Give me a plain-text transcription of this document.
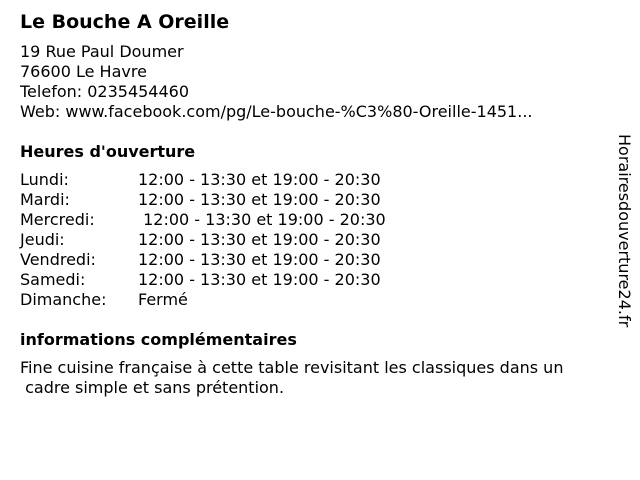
Le Bouche A Oreille
19 Rue Paul Doumer
76600 Le Havre
Telefon: 0235454460
Web: www.facebook.com/pg/Le-bouche-%C3%80-Oreille-1451...
Heures d'ouverture
Lundi:	12:00 - 13:30 et 19:00 - 20:30
Mardi:	12:00 - 13:30 et 19:00 - 20:30
Mercredi:	12:00 - 13:30 et 19:00 - 20:30
Jeudi:	12:00 - 13:30 et 19:00 - 20:30
Vendredi:	12:00 - 13:30 et 19:00 - 20:30
Samedi:	12:00 - 13:30 et 19:00 - 20:30
Dimanche:	Fermé
informations complémentaires
Fine cuisine française à cette table revisitant les classiques dans un
cadre simple et sans prétention.
Horairesdouverture24.fr
